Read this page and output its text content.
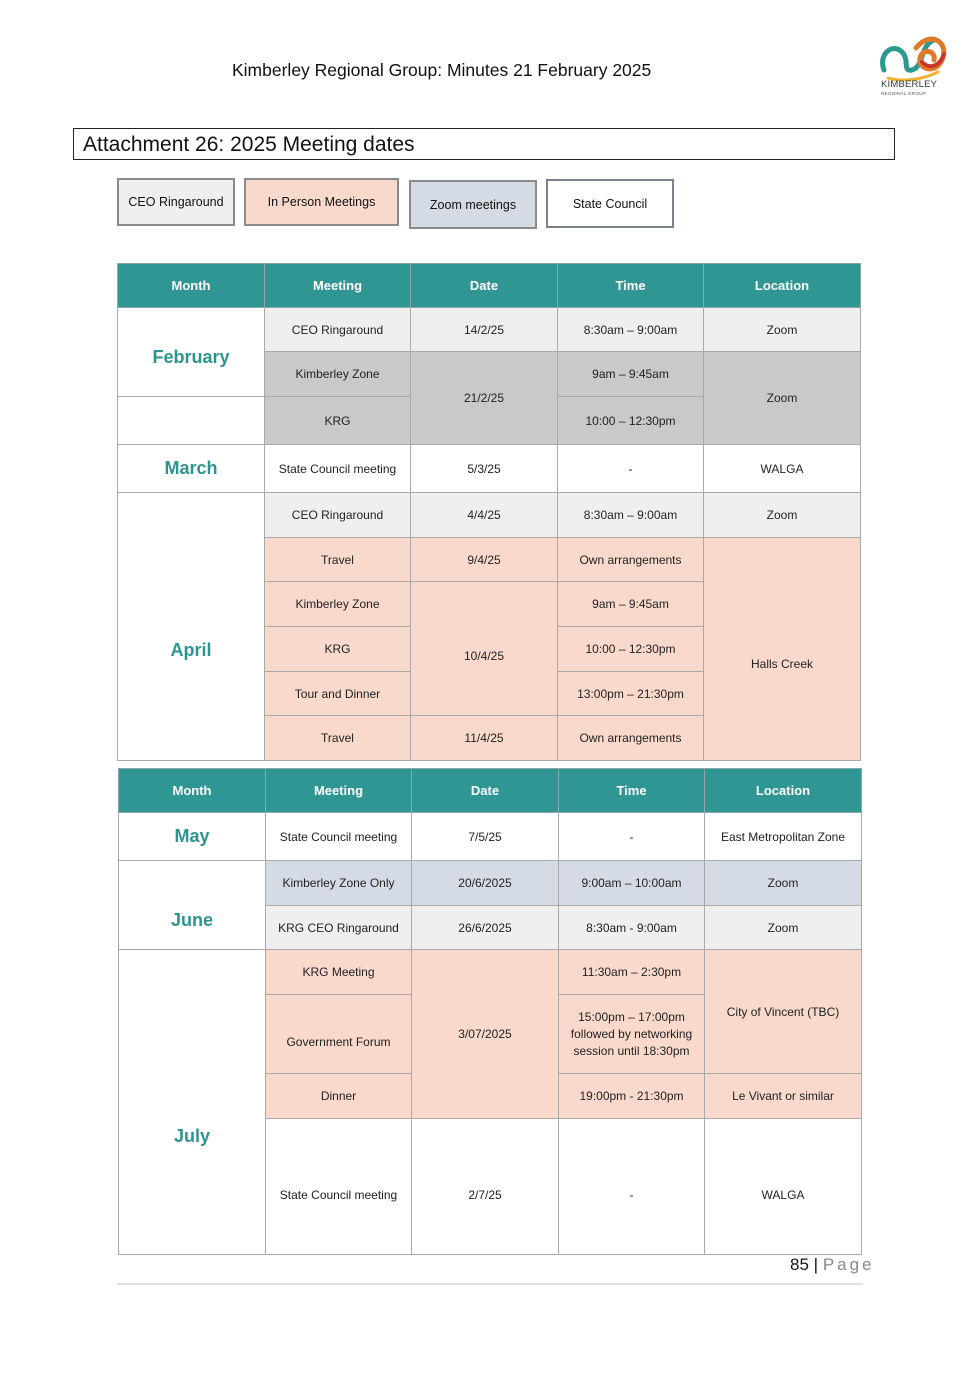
Kimberley Regional Group: Minutes 21 February 2025
KIMBERLEY
REGIONAL GROUP
Attachment 26: 2025 Meeting dates
CEO Ringaround	In Person Meetings	Zoom meetings	State Council
Month	Meeting	Date	Time	Location
February	CEO Ringaround	14/2/25	8:30am – 9:00am	Zoom
	Kimberley Zone	21/2/25	9am – 9:45am	Zoom
	KRG		10:00 – 12:30pm	
March	State Council meeting	5/3/25	-	WALGA
April	CEO Ringaround	4/4/25	8:30am – 9:00am	Zoom
	Travel	9/4/25	Own arrangements	Halls Creek
	Kimberley Zone	10/4/25	9am – 9:45am	
	KRG		10:00 – 12:30pm	
	Tour and Dinner		13:00pm – 21:30pm	
	Travel	11/4/25	Own arrangements	
Month	Meeting	Date	Time	Location
May	State Council meeting	7/5/25	-	East Metropolitan Zone
June	Kimberley Zone Only	20/6/2025	9:00am – 10:00am	Zoom
	KRG CEO Ringaround	26/6/2025	8:30am - 9:00am	Zoom
July	KRG Meeting	3/07/2025	11:30am – 2:30pm	City of Vincent (TBC)
	Government Forum		15:00pm – 17:00pm
followed by networking
session until 18:30pm	

	Dinner		19:00pm - 21:30pm	Le Vivant or similar
	State Council meeting	2/7/25	-	WALGA
85 | Page
